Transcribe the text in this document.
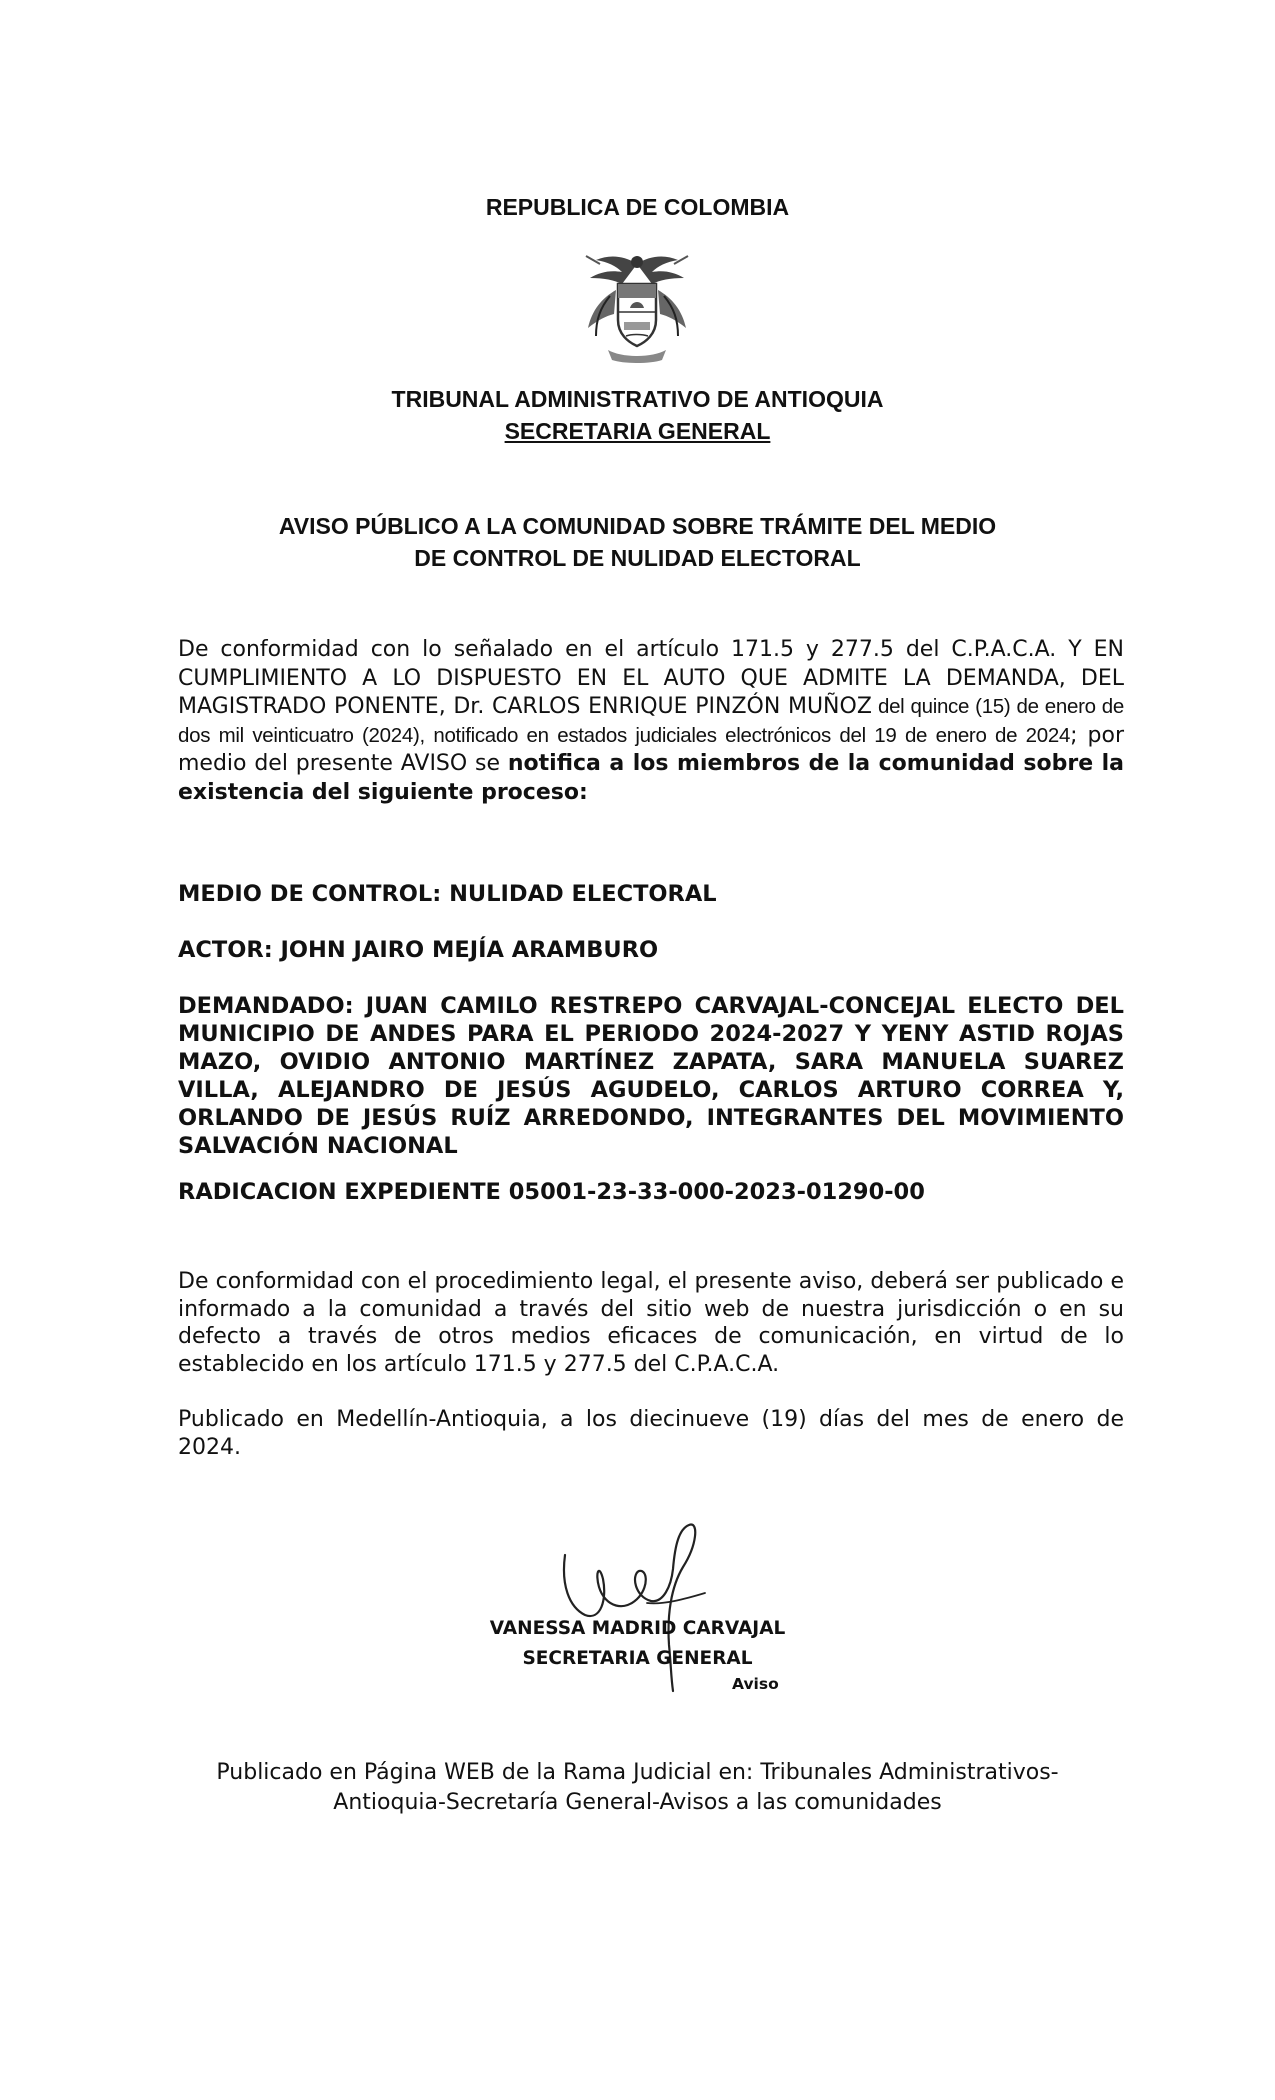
REPUBLICA DE COLOMBIA
TRIBUNAL ADMINISTRATIVO DE ANTIOQUIA
SECRETARIA GENERAL
AVISO PÚBLICO A LA COMUNIDAD SOBRE TRÁMITE DEL MEDIO
DE CONTROL DE NULIDAD ELECTORAL
De conformidad con lo señalado en el artículo 171.5 y 277.5 del C.P.A.C.A. Y EN CUMPLIMIENTO A LO DISPUESTO EN EL AUTO QUE ADMITE LA DEMANDA, DEL MAGISTRADO PONENTE, Dr. CARLOS ENRIQUE PINZÓN MUÑOZ del quince (15) de enero de dos mil veinticuatro (2024), notificado en estados judiciales electrónicos del 19 de enero de 2024; por medio del presente AVISO se notifica a los miembros de la comunidad sobre la existencia del siguiente proceso:
MEDIO DE CONTROL: NULIDAD ELECTORAL
ACTOR: JOHN JAIRO MEJÍA ARAMBURO
DEMANDADO: JUAN CAMILO RESTREPO CARVAJAL-CONCEJAL ELECTO DEL MUNICIPIO DE ANDES PARA EL PERIODO 2024-2027 Y YENY ASTID ROJAS MAZO, OVIDIO ANTONIO MARTÍNEZ ZAPATA, SARA MANUELA SUAREZ VILLA, ALEJANDRO DE JESÚS AGUDELO, CARLOS ARTURO CORREA Y, ORLANDO DE JESÚS RUÍZ ARREDONDO, INTEGRANTES DEL MOVIMIENTO SALVACIÓN NACIONAL
RADICACION EXPEDIENTE 05001-23-33-000-2023-01290-00
De conformidad con el procedimiento legal, el presente aviso, deberá ser publicado e informado a la comunidad a través del sitio web de nuestra jurisdicción o en su defecto a través de otros medios eficaces de comunicación, en virtud de lo establecido en los artículo 171.5 y 277.5 del C.P.A.C.A.
Publicado en Medellín-Antioquia, a los diecinueve (19) días del mes de enero de 2024.
VANESSA MADRID CARVAJAL
SECRETARIA GENERAL
Aviso
Publicado en Página WEB de la Rama Judicial en: Tribunales Administrativos-
Antioquia-Secretaría General-Avisos a las comunidades
